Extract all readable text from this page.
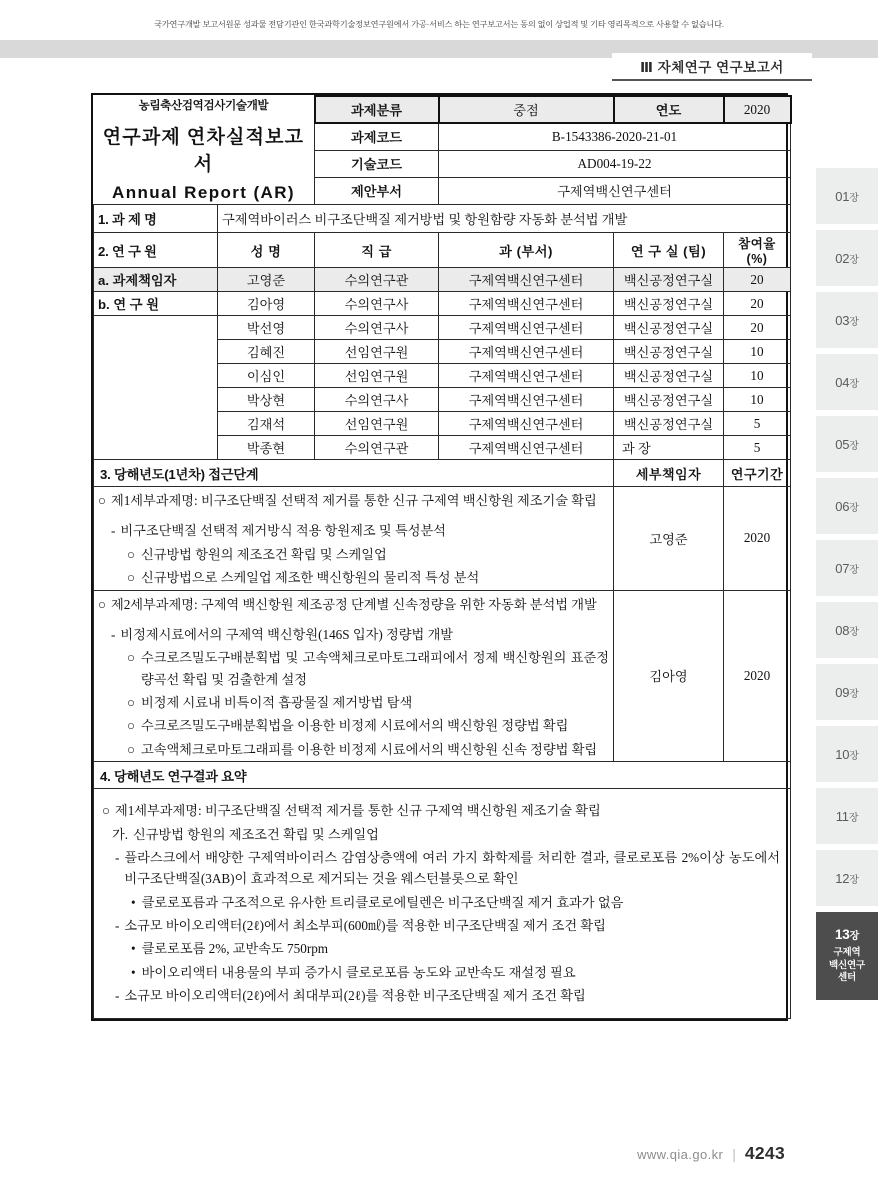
국가연구개발 보고서원문 성과물 전담기관인 한국과학기술정보연구원에서 가공·서비스 하는 연구보고서는 동의 없이 상업적 및 기타 영리목적으로 사용할 수 없습니다.
Ⅲ 자체연구 연구보고서
농림축산검역검사기술개발
연구과제 연차실적보고서
Annual Report (AR)		과제분류	중점	연도	2020
		과제코드	B-1543386-2020-21-01		
		기술코드	AD004-19-22		
		제안부서	구제역백신연구센터		
1. 과 제 명	구제역바이러스 비구조단백질 제거방법 및 항원함량 자동화 분석법 개발				
2. 연 구 원	성 명	직 급	과 (부서)	연 구 실 (팀)	참여율(%)
a. 과제책임자	고영준	수의연구관	구제역백신연구센터	백신공정연구실	20
b. 연 구 원	김아영	수의연구사	구제역백신연구센터	백신공정연구실	20
	박선영	수의연구사	구제역백신연구센터	백신공정연구실	20
	김혜진	선임연구원	구제역백신연구센터	백신공정연구실	10
	이심인	선임연구원	구제역백신연구센터	백신공정연구실	10
	박상현	수의연구사	구제역백신연구센터	백신공정연구실	10
	김재석	선임연구원	구제역백신연구센터	백신공정연구실	5
	박종현	수의연구관	구제역백신연구센터	과 장	5
3. 당해년도(1년차) 접근단계				세부책임자	연구기간

○ 제1세부과제명: 비구조단백질 선택적 제거를 통한 신규 구제역 백신항원 제조기술 확립
- 비구조단백질 선택적 제거방식 적용 항원제조 및 특성분석
○ 신규방법 항원의 제조조건 확립 및 스케일업
○ 신규방법으로 스케일업 제조한 백신항원의 물리적 특성 분석
	고영준	2020

○ 제2세부과제명: 구제역 백신항원 제조공정 단계별 신속정량을 위한 자동화 분석법 개발
- 비정제시료에서의 구제역 백신항원(146S 입자) 정량법 개발
○ 수크로즈밀도구배분획법 및 고속액체크로마토그래피에서 정제 백신항원의 표준정량곡선 확립 및 검출한계 설정
○ 비정제 시료내 비특이적 흡광물질 제거방법 탐색
○ 수크로즈밀도구배분획법을 이용한 비정제 시료에서의 백신항원 정량법 확립
○ 고속액체크로마토그래피를 이용한 비정제 시료에서의 백신항원 신속 정량법 확립
	김아영	2020
4. 당해년도 연구결과 요약					

○ 제1세부과제명: 비구조단백질 선택적 제거를 통한 신규 구제역 백신항원 제조기술 확립
가. 신규방법 항원의 제조조건 확립 및 스케일업
- 플라스크에서 배양한 구제역바이러스 감염상층액에 여러 가지 화학제를 처리한 결과, 클로로포름 2%이상 농도에서 비구조단백질(3AB)이 효과적으로 제거되는 것을 웨스턴블롯으로 확인
• 클로로포름과 구조적으로 유사한 트리클로로에틸렌은 비구조단백질 제거 효과가 없음
- 소규모 바이오리액터(2ℓ)에서 최소부피(600㎖)를 적용한 비구조단백질 제거 조건 확립
• 클로로포름 2%, 교반속도 750rpm
• 바이오리액터 내용물의 부피 증가시 클로로포름 농도와 교반속도 재설정 필요
- 소규모 바이오리액터(2ℓ)에서 최대부피(2ℓ)를 적용한 비구조단백질 제거 조건 확립
01장
02장
03장
04장
05장
06장
07장
08장
09장
10장
11장
12장
13장
구제역
백신연구
센터
www.qia.go.kr | 4243
